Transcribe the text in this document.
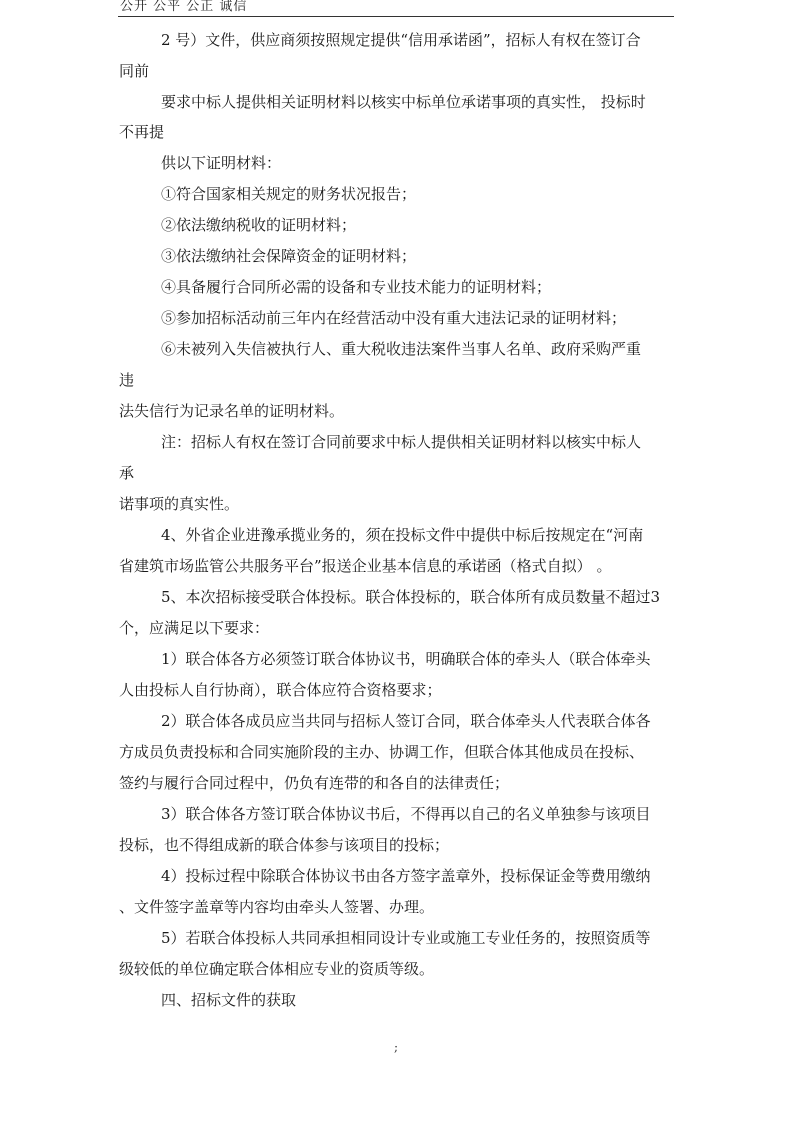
公开 公平 公正 诚信
2 号）文件，供应商须按照规定提供“信用承诺函”，招标人有权在签订合
同前
要求中标人提供相关证明材料以核实中标单位承诺事项的真实性， 投标时
不再提
供以下证明材料：
①符合国家相关规定的财务状况报告；
②依法缴纳税收的证明材料；
③依法缴纳社会保障资金的证明材料；
④具备履行合同所必需的设备和专业技术能力的证明材料；
⑤参加招标活动前三年内在经营活动中没有重大违法记录的证明材料；
⑥未被列入失信被执行人、重大税收违法案件当事人名单、政府采购严重
违
法失信行为记录名单的证明材料。
注：招标人有权在签订合同前要求中标人提供相关证明材料以核实中标人
承
诺事项的真实性。
4、外省企业进豫承揽业务的，须在投标文件中提供中标后按规定在“河南
省建筑市场监管公共服务平台”报送企业基本信息的承诺函（格式自拟） 。
5、本次招标接受联合体投标。联合体投标的，联合体所有成员数量不超过3
个，应满足以下要求：
1）联合体各方必须签订联合体协议书，明确联合体的牵头人（联合体牵头
人由投标人自行协商），联合体应符合资格要求；
2）联合体各成员应当共同与招标人签订合同，联合体牵头人代表联合体各
方成员负责投标和合同实施阶段的主办、协调工作，但联合体其他成员在投标、
签约与履行合同过程中，仍负有连带的和各自的法律责任；
3）联合体各方签订联合体协议书后，不得再以自己的名义单独参与该项目
投标，也不得组成新的联合体参与该项目的投标；
4）投标过程中除联合体协议书由各方签字盖章外，投标保证金等费用缴纳
、文件签字盖章等内容均由牵头人签署、办理。
5）若联合体投标人共同承担相同设计专业或施工专业任务的，按照资质等
级较低的单位确定联合体相应专业的资质等级。
四、招标文件的获取
;
